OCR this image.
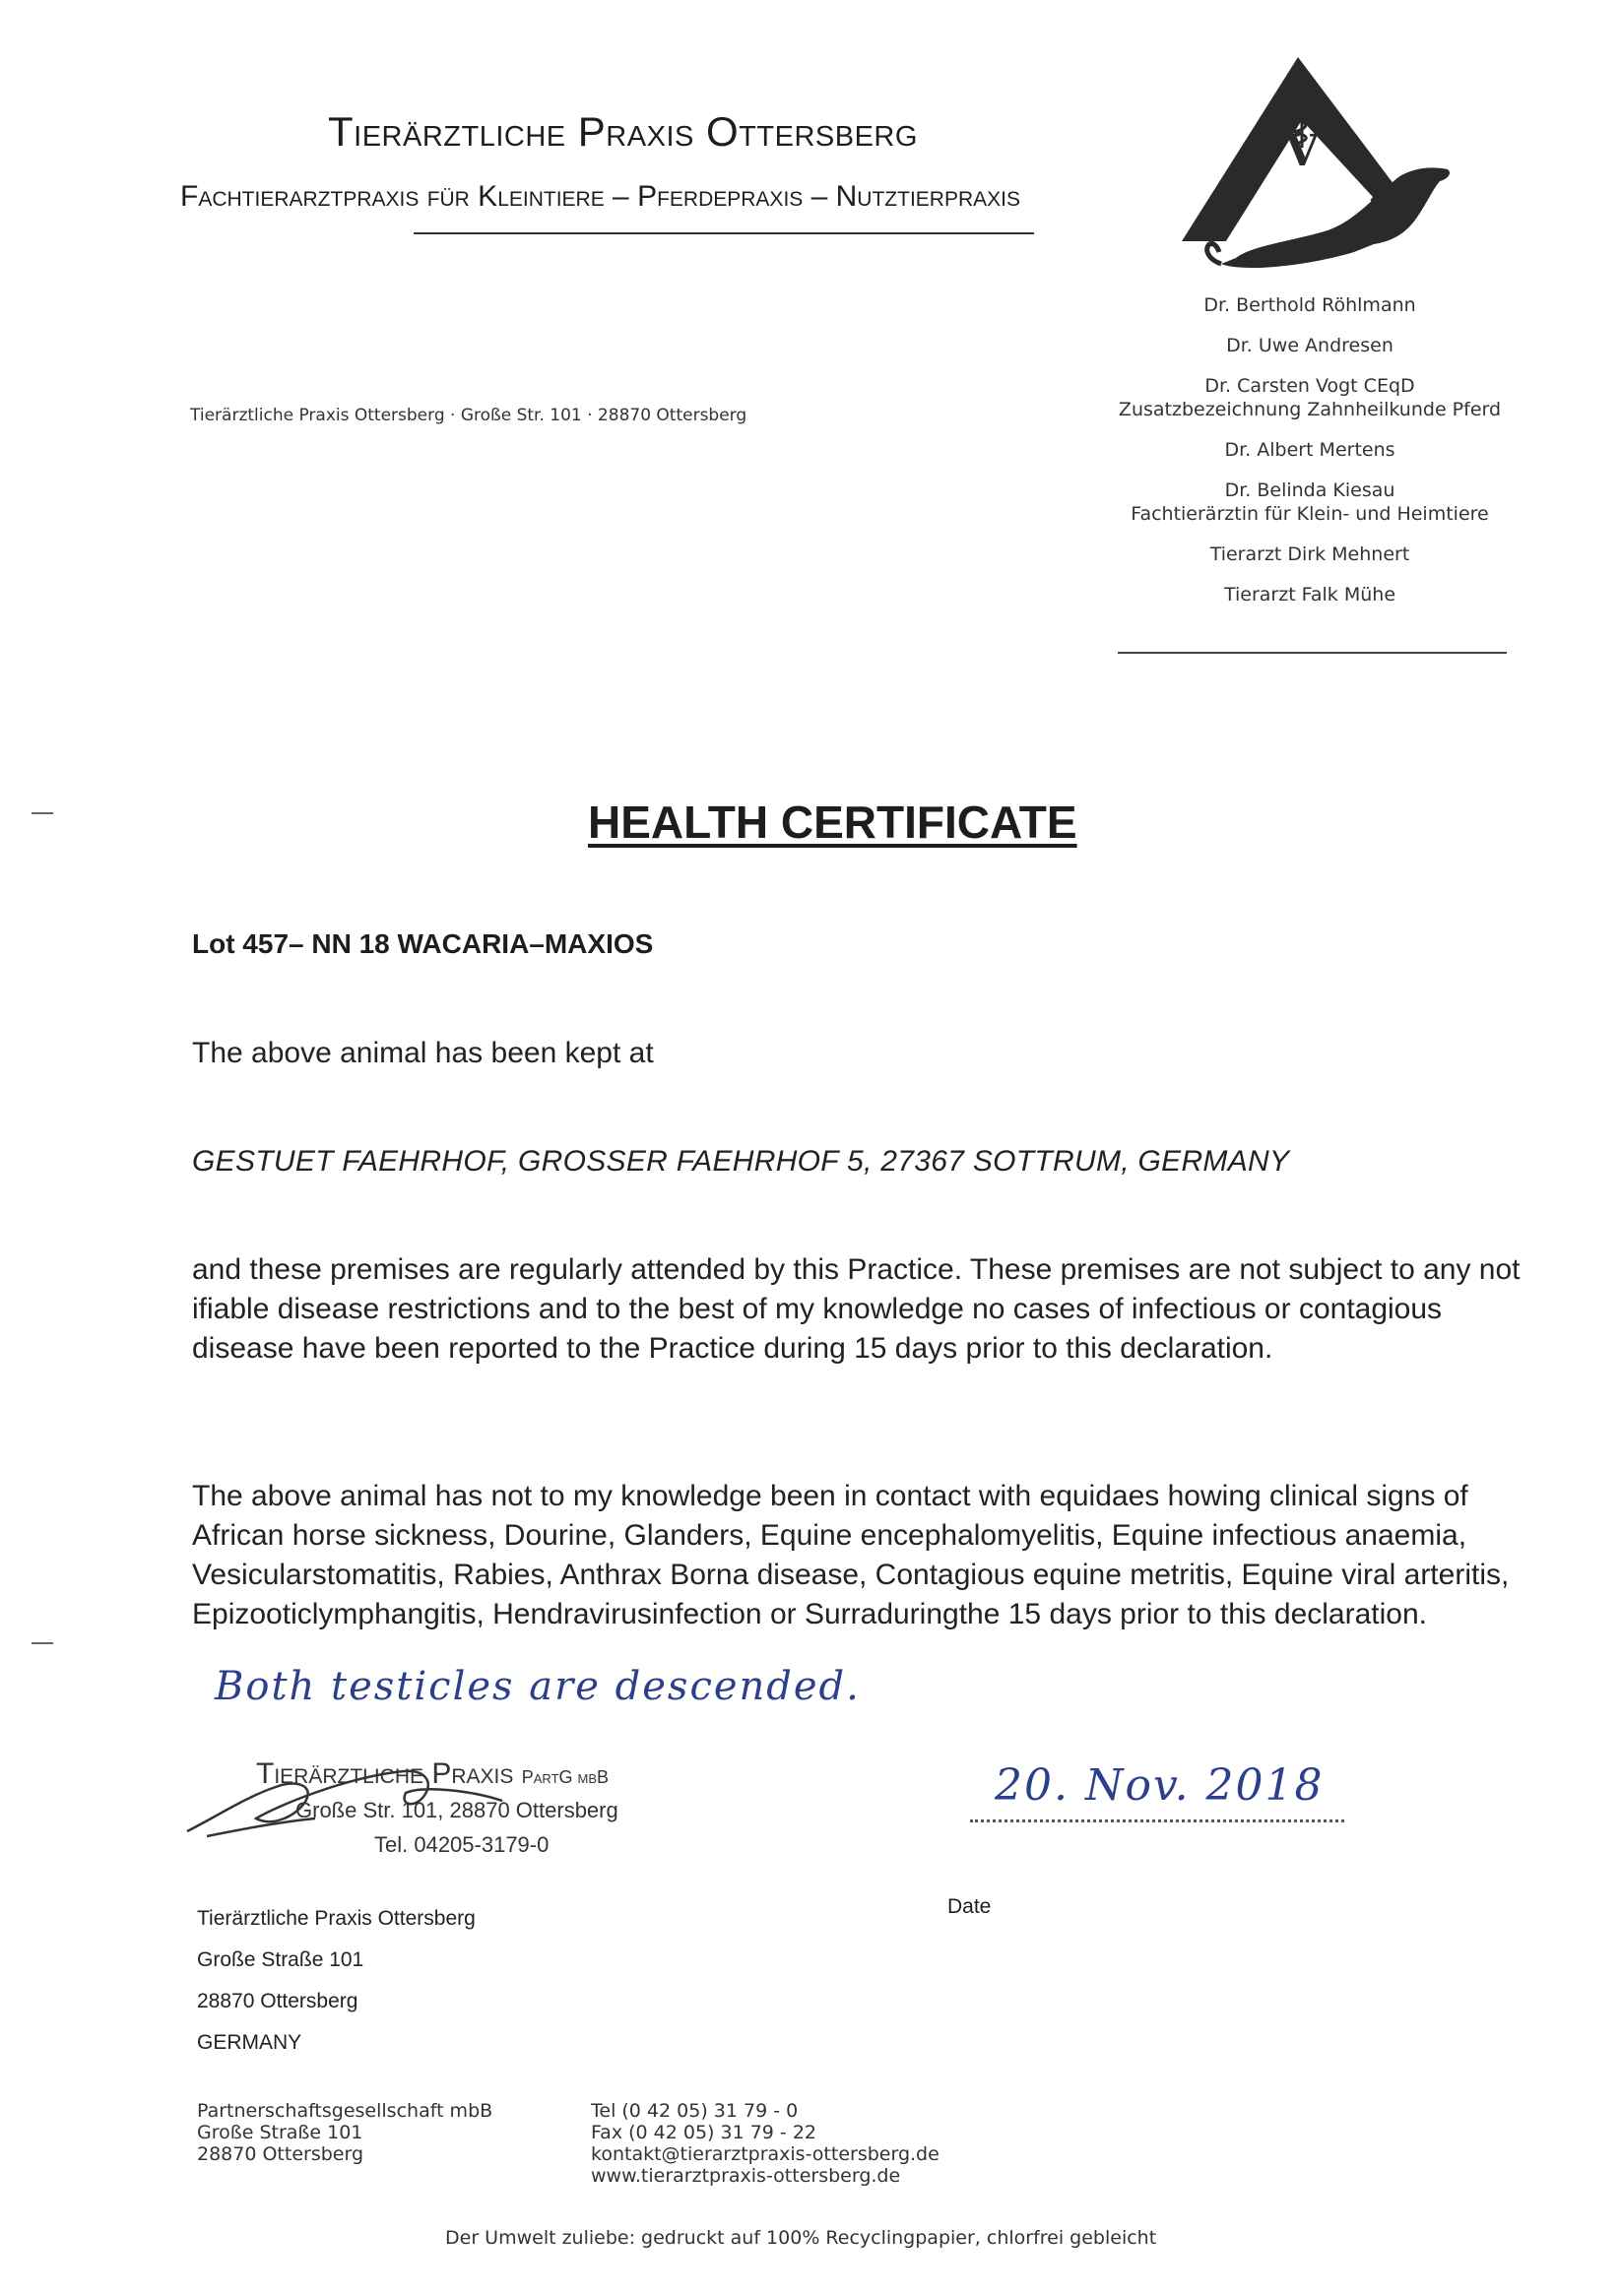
Tierärztliche Praxis Ottersberg
Fachtierarztpraxis für Kleintiere – Pferdepraxis – Nutztierpraxis
V
Tierärztliche Praxis Ottersberg · Große Str. 101 · 28870 Ottersberg
Dr. Berthold Röhlmann
Dr. Uwe Andresen
Dr. Carsten Vogt CEqD
Zusatzbezeichnung Zahnheilkunde Pferd
Dr. Albert Mertens
Dr. Belinda Kiesau
Fachtierärztin für Klein- und Heimtiere
Tierarzt Dirk Mehnert
Tierarzt Falk Mühe
HEALTH CERTIFICATE
Lot 457– NN 18 WACARIA–MAXIOS
The above animal has been kept at
GESTUET FAEHRHOF, GROSSER FAEHRHOF 5, 27367 SOTTRUM, GERMANY
and these premises are regularly attended by this Practice. These premises are not subject to any not ifiable disease restrictions and to the best of my knowledge no cases of infectious or contagious disease have been reported to the Practice during 15 days prior to this declaration.
The above animal has not to my knowledge been in contact with equidaes howing clinical signs of African horse sickness, Dourine, Glanders, Equine encephalomyelitis, Equine infectious anaemia, Vesicularstomatitis, Rabies, Anthrax Borna disease, Contagious equine metritis, Equine viral arteritis, Epizooticlymphangitis, Hendravirusinfection or Surraduringthe 15 days prior to this declaration.
Both testicles are descended.
Tierärztliche Praxis PartG mbB
Große Str. 101, 28870 Ottersberg
Tel. 04205-3179-0
20. Nov. 2018
Date
Tierärztliche Praxis Ottersberg
Große Straße 101
28870 Ottersberg
GERMANY
Partnerschaftsgesellschaft mbB
Große Straße 101
28870 Ottersberg
Tel (0 42 05) 31 79 - 0
Fax (0 42 05) 31 79 - 22
kontakt@tierarztpraxis-ottersberg.de
www.tierarztpraxis-ottersberg.de
Der Umwelt zuliebe: gedruckt auf 100% Recyclingpapier, chlorfrei gebleicht
